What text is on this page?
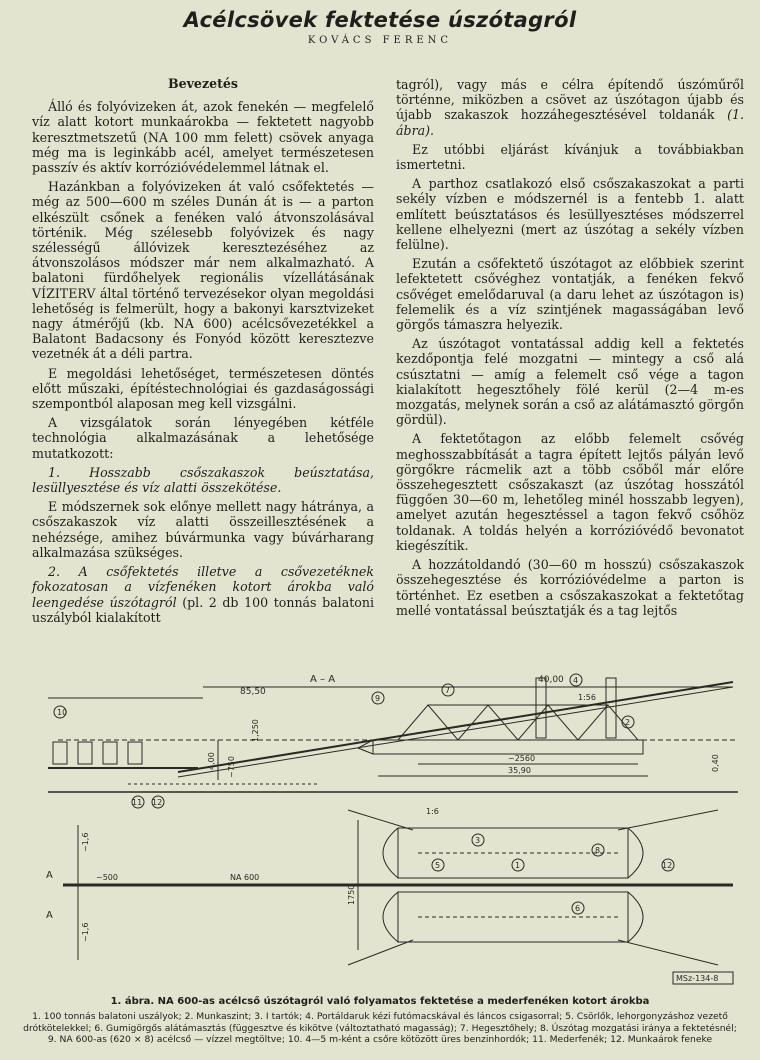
Acélcsövek fektetése úszótagról
KOVÁCS FERENC
Bevezetés

Álló és folyóvizeken át, azok fenekén — megfelelő víz alatt kotort munkaárokba — fektetett nagyobb keresztmetszetű (NA 100 mm felett) csövek anyaga még ma is leginkább acél, amelyet természetesen passzív és aktív korrózióvédelemmel látnak el.

Hazánkban a folyóvizeken át való csőfektetés — még az 500—600 m széles Dunán át is — a parton elkészült csőnek a fenéken való átvonszolásával történik. Még szélesebb folyóvizek és nagy szélességű állóvizek keresztezéséhez az átvonszolásos módszer már nem alkalmazható. A balatoni fürdőhelyek regionális vízellátásának VÍZITERV által történő tervezésekor olyan megoldási lehetőség is felmerült, hogy a bakonyi karsztvizeket nagy átmérőjű (kb. NA 600) acélcsővezetékkel a Balatont Badacsony és Fonyód között keresztezve vezetnék át a déli partra.

E megoldási lehetőséget, természetesen döntés előtt műszaki, építéstechnológiai és gazdaságossági szempontból alaposan meg kell vizsgálni.

A vizsgálatok során lényegében kétféle technológia alkalmazásának a lehetősége mutatkozott:

1. Hosszabb csőszakaszok beúsztatása, lesüllyesztése és víz alatti összekötése.

E módszernek sok előnye mellett nagy hátránya, a csőszakaszok víz alatti összeillesztésének a nehézsége, amihez búvármunka vagy búvárharang alkalmazása szükséges.

2. A csőfektetés illetve a csővezetéknek fokozatosan a vízfenéken kotort árokba való leengedése úszótagról (pl. 2 db 100 tonnás balatoni uszályból kialakított

tagról), vagy más e célra építendő úszóműről történne, miközben a csövet az úszótagon újabb és újabb szakaszok hozzáhegesztésével toldanák (1. ábra).

Ez utóbbi eljárást kívánjuk a továbbiakban ismertetni.

A parthoz csatlakozó első csőszakaszokat a parti sekély vízben e módszernél is a fentebb 1. alatt említett beúsztatásos és lesüllyesztéses módszerrel kellene elhelyezni (mert az úszótag a sekély vízben felülne).

Ezután a csőfektető úszótagot az előbbiek szerint lefektetett csővéghez vontatják, a fenéken fekvő csővéget emelődaruval (a daru lehet az úszótagon is) felemelik és a víz szintjének magasságában levő görgős támaszra helyezik.

Az úszótagot vontatással addig kell a fektetés kezdőpontja felé mozgatni — mintegy a cső alá csúsztatni — amíg a felemelt cső vége a tagon kialakított hegesztőhely fölé kerül (2—4 m-es mozgatás, melynek során a cső az alátámasztó görgőn gördül).

A fektetőtagon az előbb felemelt csővég meghosszabbítását a tagra épített lejtős pályán levő görgőkre rácmelik azt a több csőből már előre összehegesztett csőszakaszt (az úszótag hosszától függően 30—60 m, lehetőleg minél hosszabb legyen), amelyet azután hegesztéssel a tagon fekvő csőhöz toldanak. A toldás helyén a korrózióvédő bevonatot kiegészítik.

A hozzátoldandó (30—60 m hosszú) csőszakaszok összehegesztése és korrózióvédelme a parton is történhet. Ez esetben a csőszakaszokat a fektetőtag mellé vontatással beúsztatják és a tag lejtős

A – A	40,00
85,50
4,00 ~750
1,250
0,40
~2560
35,90
1:56
A
A
NA 600
~500
~1,6
~1,6
1750
1:6
10
9
7
4
2
11 12
5
3
1
8
6
12
MSz-134-8
1. ábra. NA 600-as acélcső úszótagról való folyamatos fektetése a mederfenéken kotort árokba
1. 100 tonnás balatoni uszályok; 2. Munkaszint; 3. I tartók; 4. Portáldaruk kézi futómacskával és láncos csigasorral; 5. Csörlők, lehorgonyzáshoz vezető drótkötelekkel; 6. Gumigörgős alátámasztás (függesztve és kikötve (változtatható magasság); 7. Hegesztőhely; 8. Úszótag mozgatási iránya a fektetésnél; 9. NA 600-as (620 × 8) acélcső — vízzel megtöltve; 10. 4—5 m-ként a csőre kötözött üres benzinhordók; 11. Mederfenék; 12. Munkaárok feneke
